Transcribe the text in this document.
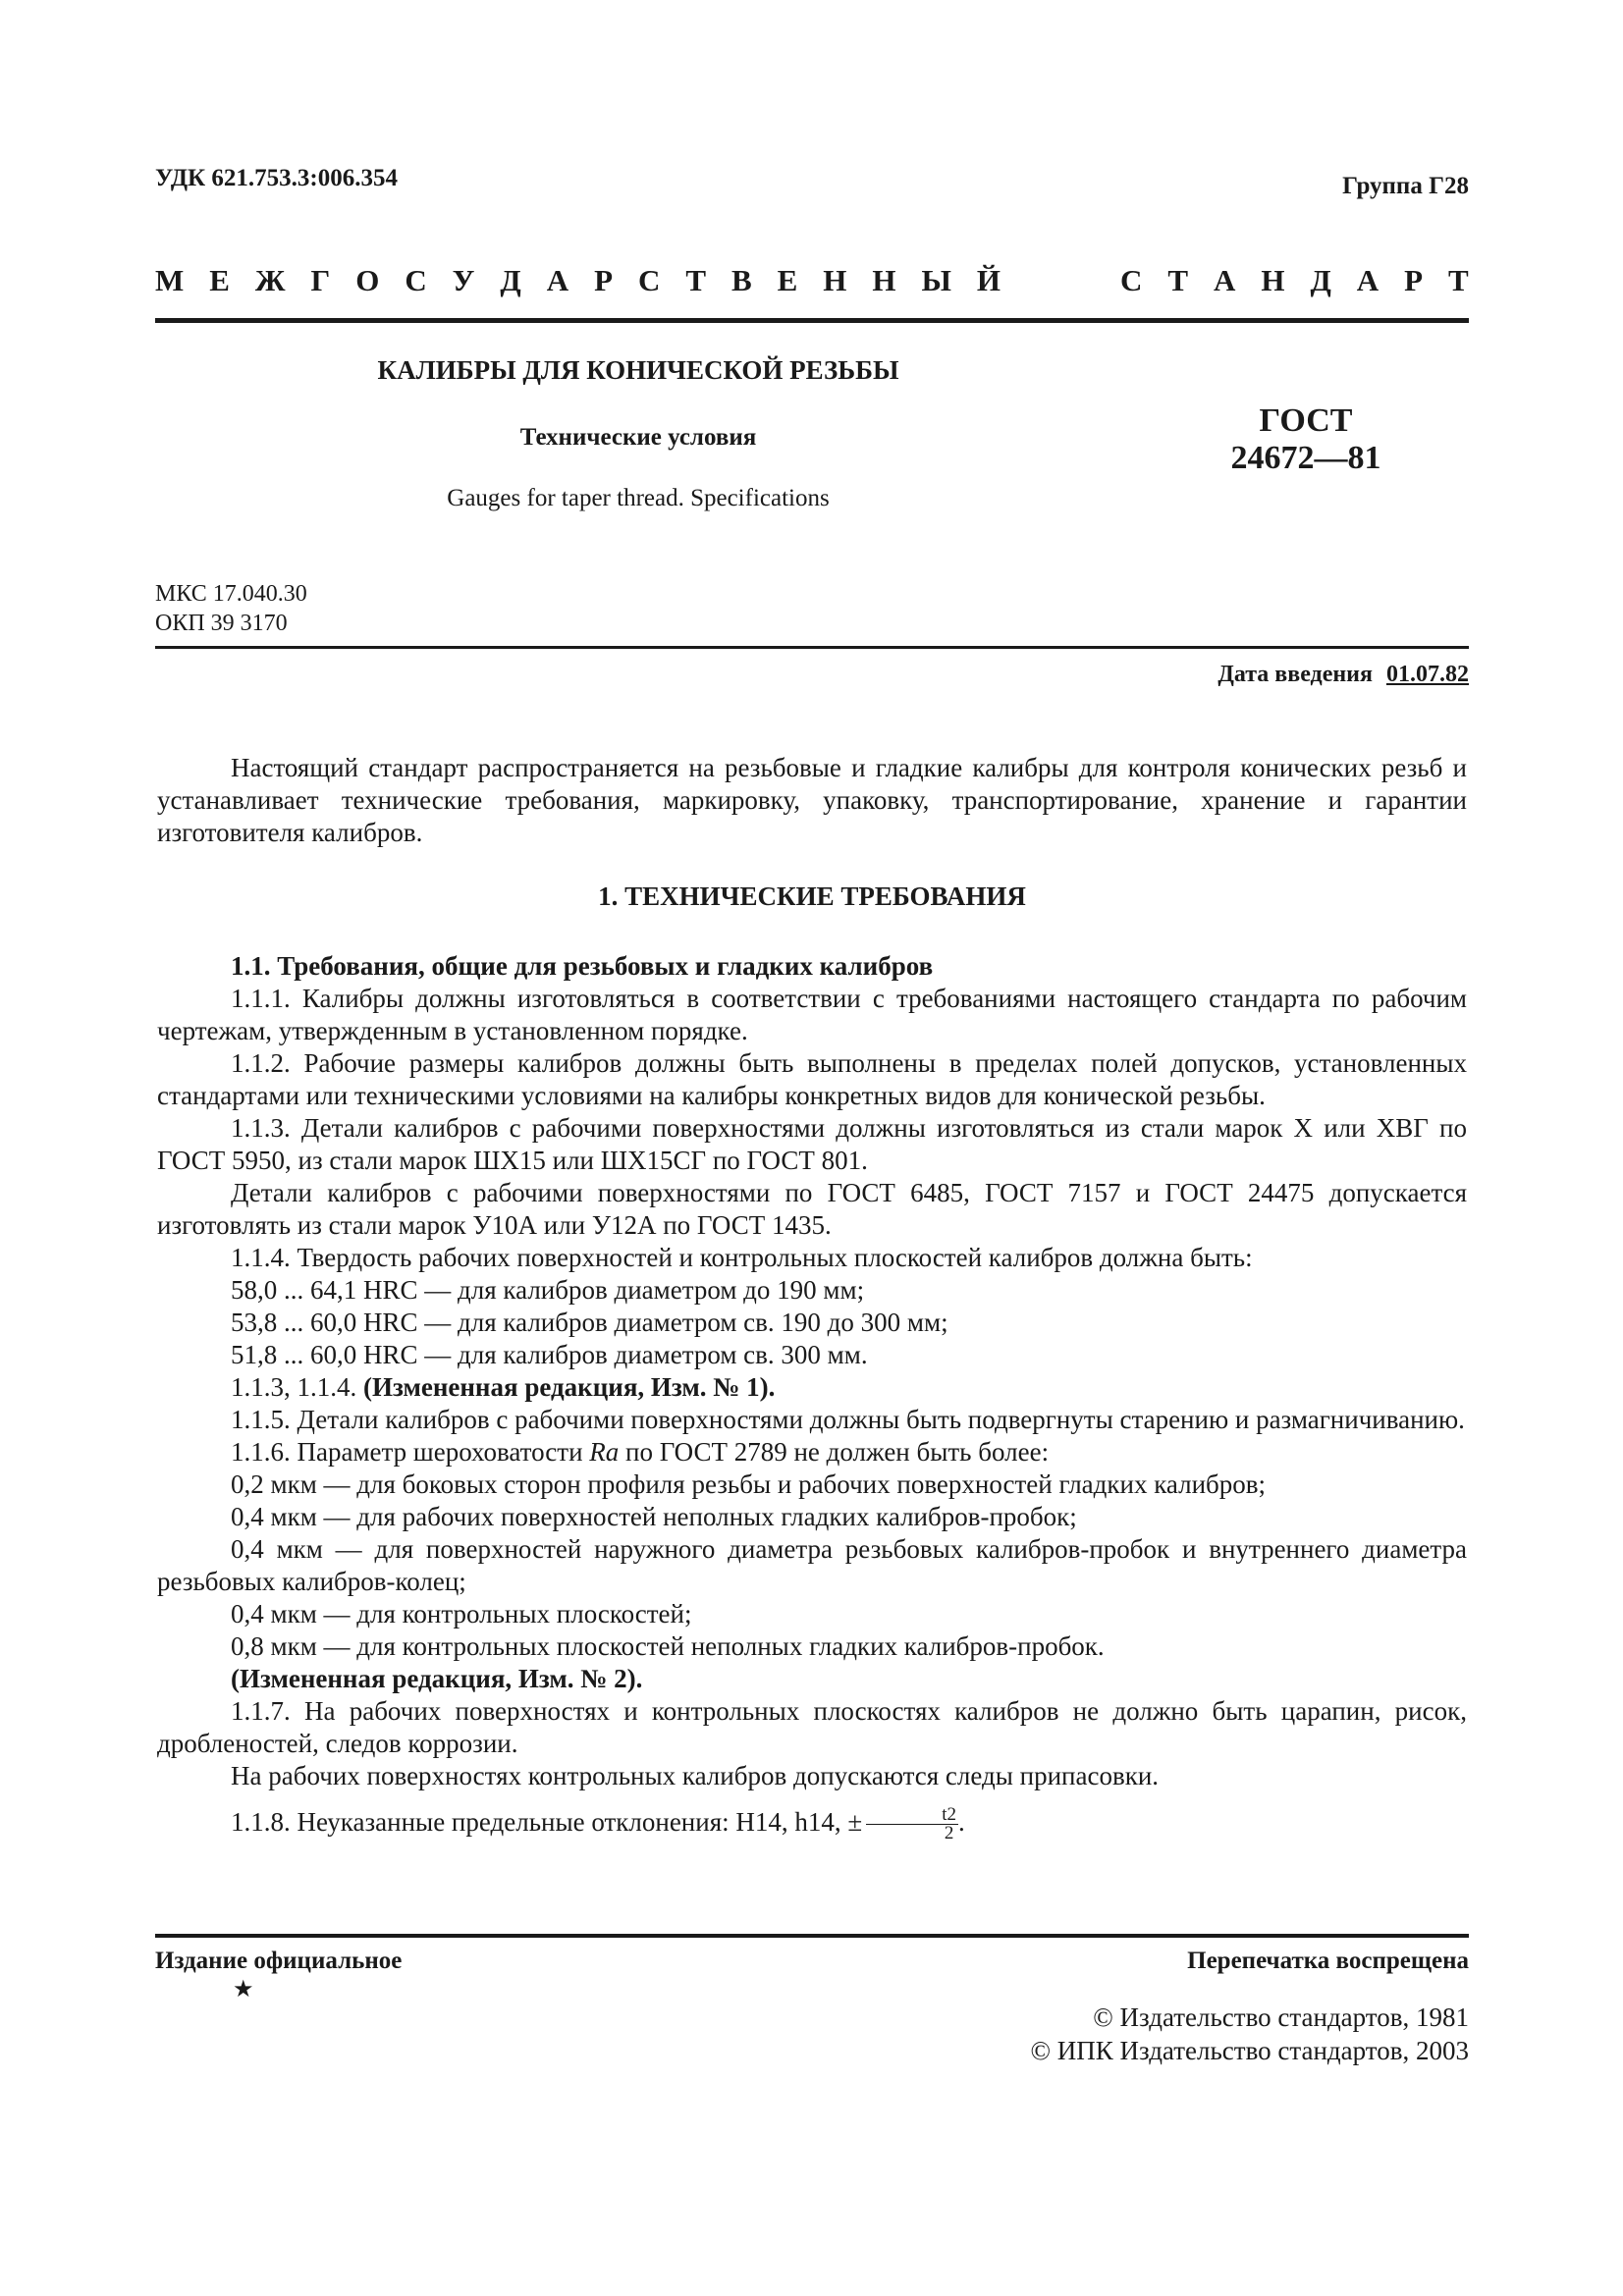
УДК 621.753.3:006.354	Группа Г28
М Е Ж Г О С У Д А Р С Т В Е Н Н Ы Й	С Т А Н Д А Р Т
КАЛИБРЫ ДЛЯ КОНИЧЕСКОЙ РЕЗЬБЫ
Технические условия
Gauges for taper thread. Specifications
ГОСТ
24672—81
МКС 17.040.30
ОКП 39 3170
Дата введения 01.07.82

Настоящий стандарт распространяется на резьбовые и гладкие калибры для контроля конических резьб и устанавливает технические требования, маркировку, упаковку, транспортирование, хранение и гарантии изготовителя калибров.

1. ТЕХНИЧЕСКИЕ ТРЕБОВАНИЯ

1.1. Требования, общие для резьбовых и гладких калибров

1.1.1. Калибры должны изготовляться в соответствии с требованиями настоящего стандарта по рабочим чертежам, утвержденным в установленном порядке.

1.1.2. Рабочие размеры калибров должны быть выполнены в пределах полей допусков, установленных стандартами или техническими условиями на калибры конкретных видов для конической резьбы.

1.1.3. Детали калибров с рабочими поверхностями должны изготовляться из стали марок Х или ХВГ по ГОСТ 5950, из стали марок ШХ15 или ШХ15СГ по ГОСТ 801.

Детали калибров с рабочими поверхностями по ГОСТ 6485, ГОСТ 7157 и ГОСТ 24475 допускается изготовлять из стали марок У10А или У12А по ГОСТ 1435.

1.1.4. Твердость рабочих поверхностей и контрольных плоскостей калибров должна быть:

58,0 ... 64,1 HRC — для калибров диаметром до 190 мм;

53,8 ... 60,0 HRC — для калибров диаметром св. 190 до 300 мм;

51,8 ... 60,0 HRC — для калибров диаметром св. 300 мм.

1.1.3, 1.1.4. (Измененная редакция, Изм. № 1).

1.1.5. Детали калибров с рабочими поверхностями должны быть подвергнуты старению и размагничиванию.

1.1.6. Параметр шероховатости Ra по ГОСТ 2789 не должен быть более:

0,2 мкм — для боковых сторон профиля резьбы и рабочих поверхностей гладких калибров;

0,4 мкм — для рабочих поверхностей неполных гладких калибров-пробок;

0,4 мкм — для поверхностей наружного диаметра резьбовых калибров-пробок и внутреннего диаметра резьбовых калибров-колец;

0,4 мкм — для контрольных плоскостей;

0,8 мкм — для контрольных плоскостей неполных гладких калибров-пробок.

(Измененная редакция, Изм. № 2).

1.1.7. На рабочих поверхностях и контрольных плоскостях калибров не должно быть царапин, рисок, дробленостей, следов коррозии.

На рабочих поверхностях контрольных калибров допускаются следы припасовки.

1.1.8. Неуказанные предельные отклонения: H14, h14, ± $\frac{t2}{2}$ .

Издание официальное
★
Перепечатка воспрещена
© Издательство стандартов, 1981
© ИПК Издательство стандартов, 2003
